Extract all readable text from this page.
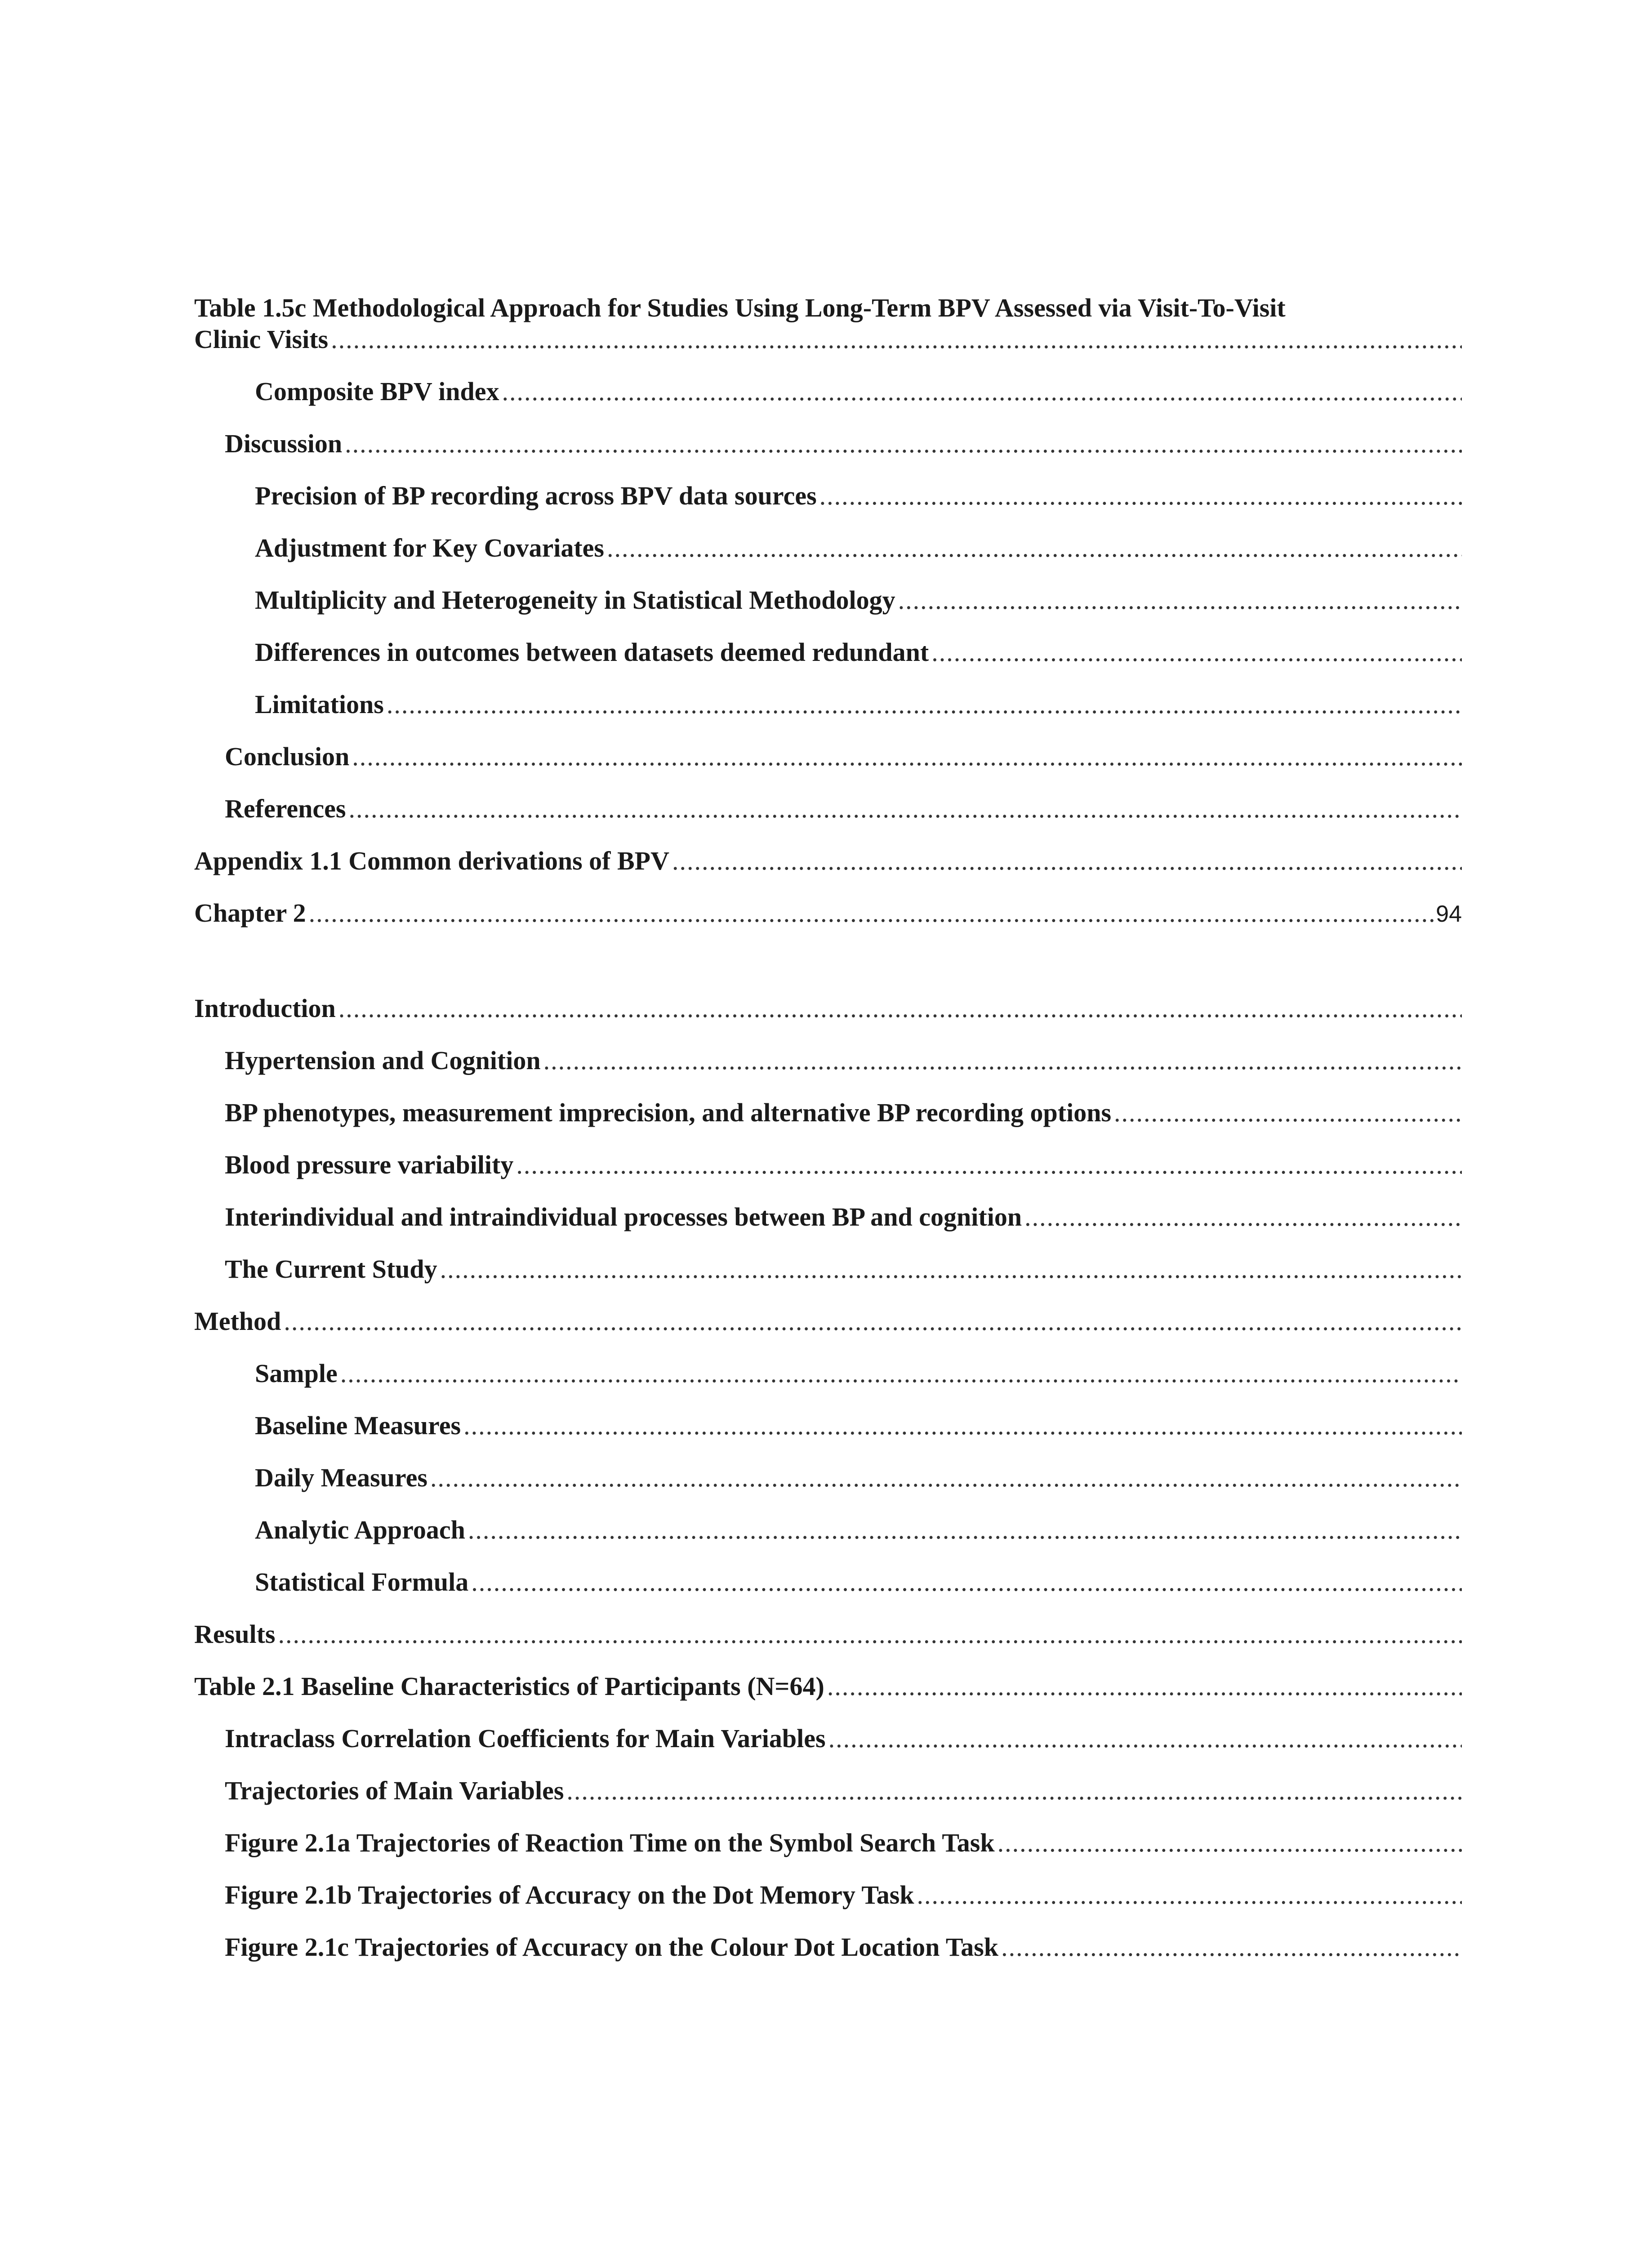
Table 1.5c Methodological Approach for Studies Using Long-Term BPV Assessed via Visit-To-Visit
Clinic Visits
.....
Composite BPV index
.....
Discussion
.....
Precision of BP recording across BPV data sources
.....
Adjustment for Key Covariates
.....
Multiplicity and Heterogeneity in Statistical Methodology
.....
Differences in outcomes between datasets deemed redundant
.....
Limitations
.....
Conclusion
.....
References
.....
Appendix 1.1 Common derivations of BPV
.....
Chapter 2
.....	94
Introduction
.....
Hypertension and Cognition
.....
BP phenotypes, measurement imprecision, and alternative BP recording options
.....
Blood pressure variability
.....
Interindividual and intraindividual processes between BP and cognition
.....
The Current Study
.....
Method
.....
Sample
.....
Baseline Measures
.....
Daily Measures
.....
Analytic Approach
.....
Statistical Formula
.....
Results
.....
Table 2.1 Baseline Characteristics of Participants (N=64)
.....
Intraclass Correlation Coefficients for Main Variables
.....
Trajectories of Main Variables
.....
Figure 2.1a Trajectories of Reaction Time on the Symbol Search Task
.....
Figure 2.1b Trajectories of Accuracy on the Dot Memory Task
.....
Figure 2.1c Trajectories of Accuracy on the Colour Dot Location Task
.....
